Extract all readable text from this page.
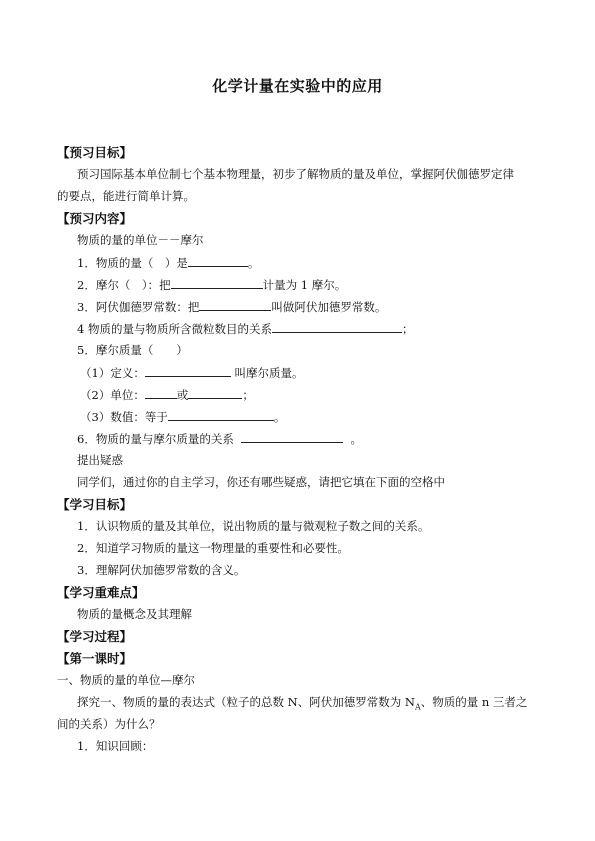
化学计量在实验中的应用
【预习目标】
预习国际基本单位制七个基本物理量，初步了解物质的量及单位，掌握阿伏伽德罗定律
的要点，能进行简单计算。
【预习内容】
物质的量的单位－－摩尔
1．物质的量（　）是	。
2．摩尔（　）：把	计量为 1 摩尔。
3．阿伏伽德罗常数：把	叫做阿伏加德罗常数。
4 物质的量与物质所含微粒数目的关系	；
5．摩尔质量（　　）
（1）定义：	叫摩尔质量。
（2）单位：	或	；
（3）数值：等于	。
6．物质的量与摩尔质量的关系	。
提出疑惑
同学们，通过你的自主学习，你还有哪些疑惑，请把它填在下面的空格中
【学习目标】
1．认识物质的量及其单位，说出物质的量与微观粒子数之间的关系。
2．知道学习物质的量这一物理量的重要性和必要性。
3．理解阿伏加德罗常数的含义。
【学习重难点】
物质的量概念及其理解
【学习过程】
【第一课时】
一、物质的量的单位—摩尔
探究一、物质的量的表达式（粒子的总数 N、阿伏加德罗常数为 $N_A$、物质的量 n 三者之
间的关系）为什么？
1．知识回顾：
